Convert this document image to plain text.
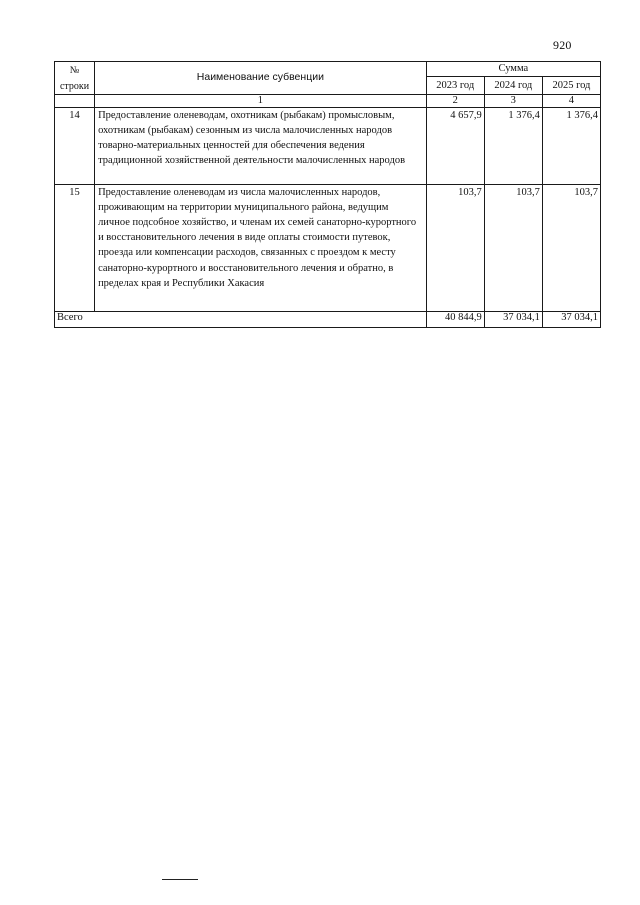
920
№
строки	Наименование субвенции	Сумма		
		2023 год	2024 год	2025 год
	1	2	3	4
14	Предоставление оленеводам, охотникам (рыбакам) промысловым, охотникам (рыбакам) сезонным из числа малочисленных народов товарно-материальных ценностей для обеспечения ведения традиционной хозяйственной деятельности малочисленных народов	4 657,9	1 376,4	1 376,4
15	Предоставление оленеводам из числа малочисленных народов, проживающим на территории муниципального района, ведущим личное подсобное хозяйство, и членам их семей санаторно-курортного и восстановительного лечения в виде оплаты стоимости путевок, проезда или компенсации расходов, связанных с проездом к месту санаторно-курортного и восстановительного лечения и обратно, в пределах края и Республики Хакасия	103,7	103,7	103,7
Всего		40 844,9	37 034,1	37 034,1
